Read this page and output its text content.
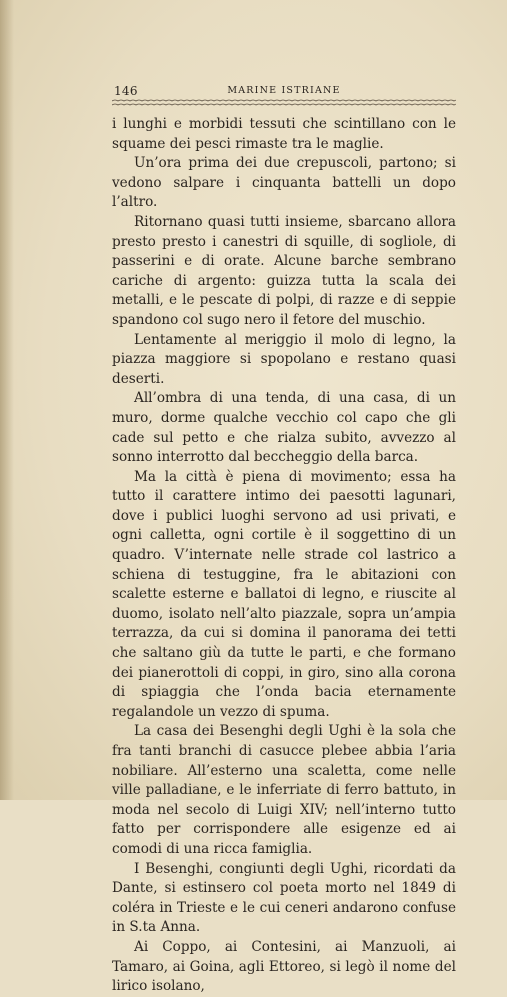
146	MARINE ISTRIANE

i lunghi e morbidi tessuti che scintillano con le squame dei pesci rimaste tra le maglie.

Un’ora prima dei due crepuscoli, partono; si vedono salpare i cinquanta battelli un dopo l’altro.

Ritornano quasi tutti insieme, sbarcano allora presto presto i canestri di squille, di sogliole, di passerini e di orate. Alcune barche sembrano cariche di argento: guizza tutta la scala dei metalli, e le pescate di polpi, di razze e di seppie spandono col sugo nero il fetore del muschio.

Lentamente al meriggio il molo di legno, la piazza maggiore si spopolano e restano quasi deserti.

All’ombra di una tenda, di una casa, di un muro, dorme qualche vecchio col capo che gli cade sul petto e che rialza subito, avvezzo al sonno interrotto dal beccheggio della barca.

Ma la città è piena di movimento; essa ha tutto il carattere intimo dei paesotti lagunari, dove i publici luoghi servono ad usi privati, e ogni calletta, ogni cortile è il soggettino di un quadro. V’internate nelle strade col lastrico a schiena di testuggine, fra le abitazioni con scalette esterne e ballatoi di legno, e riuscite al duomo, isolato nell’alto piazzale, sopra un’ampia terrazza, da cui si domina il panorama dei tetti che saltano giù da tutte le parti, e che formano dei pianerottoli di coppi, in giro, sino alla corona di spiaggia che l’onda bacia eternamente regalandole un vezzo di spuma.

La casa dei Besenghi degli Ughi è la sola che fra tanti branchi di casucce plebee abbia l’aria nobiliare. All’esterno una scaletta, come nelle ville palladiane, e le inferriate di ferro battuto, in moda nel secolo di Luigi XIV; nell’interno tutto fatto per corrispondere alle esigenze ed ai comodi di una ricca famiglia.

I Besenghi, congiunti degli Ughi, ricordati da Dante, si estinsero col poeta morto nel 1849 di coléra in Trieste e le cui ceneri andarono confuse in S.ta Anna.

Ai Coppo, ai Contesini, ai Manzuoli, ai Tamaro, ai Goina, agli Ettoreo, si legò il nome del lirico isolano,
